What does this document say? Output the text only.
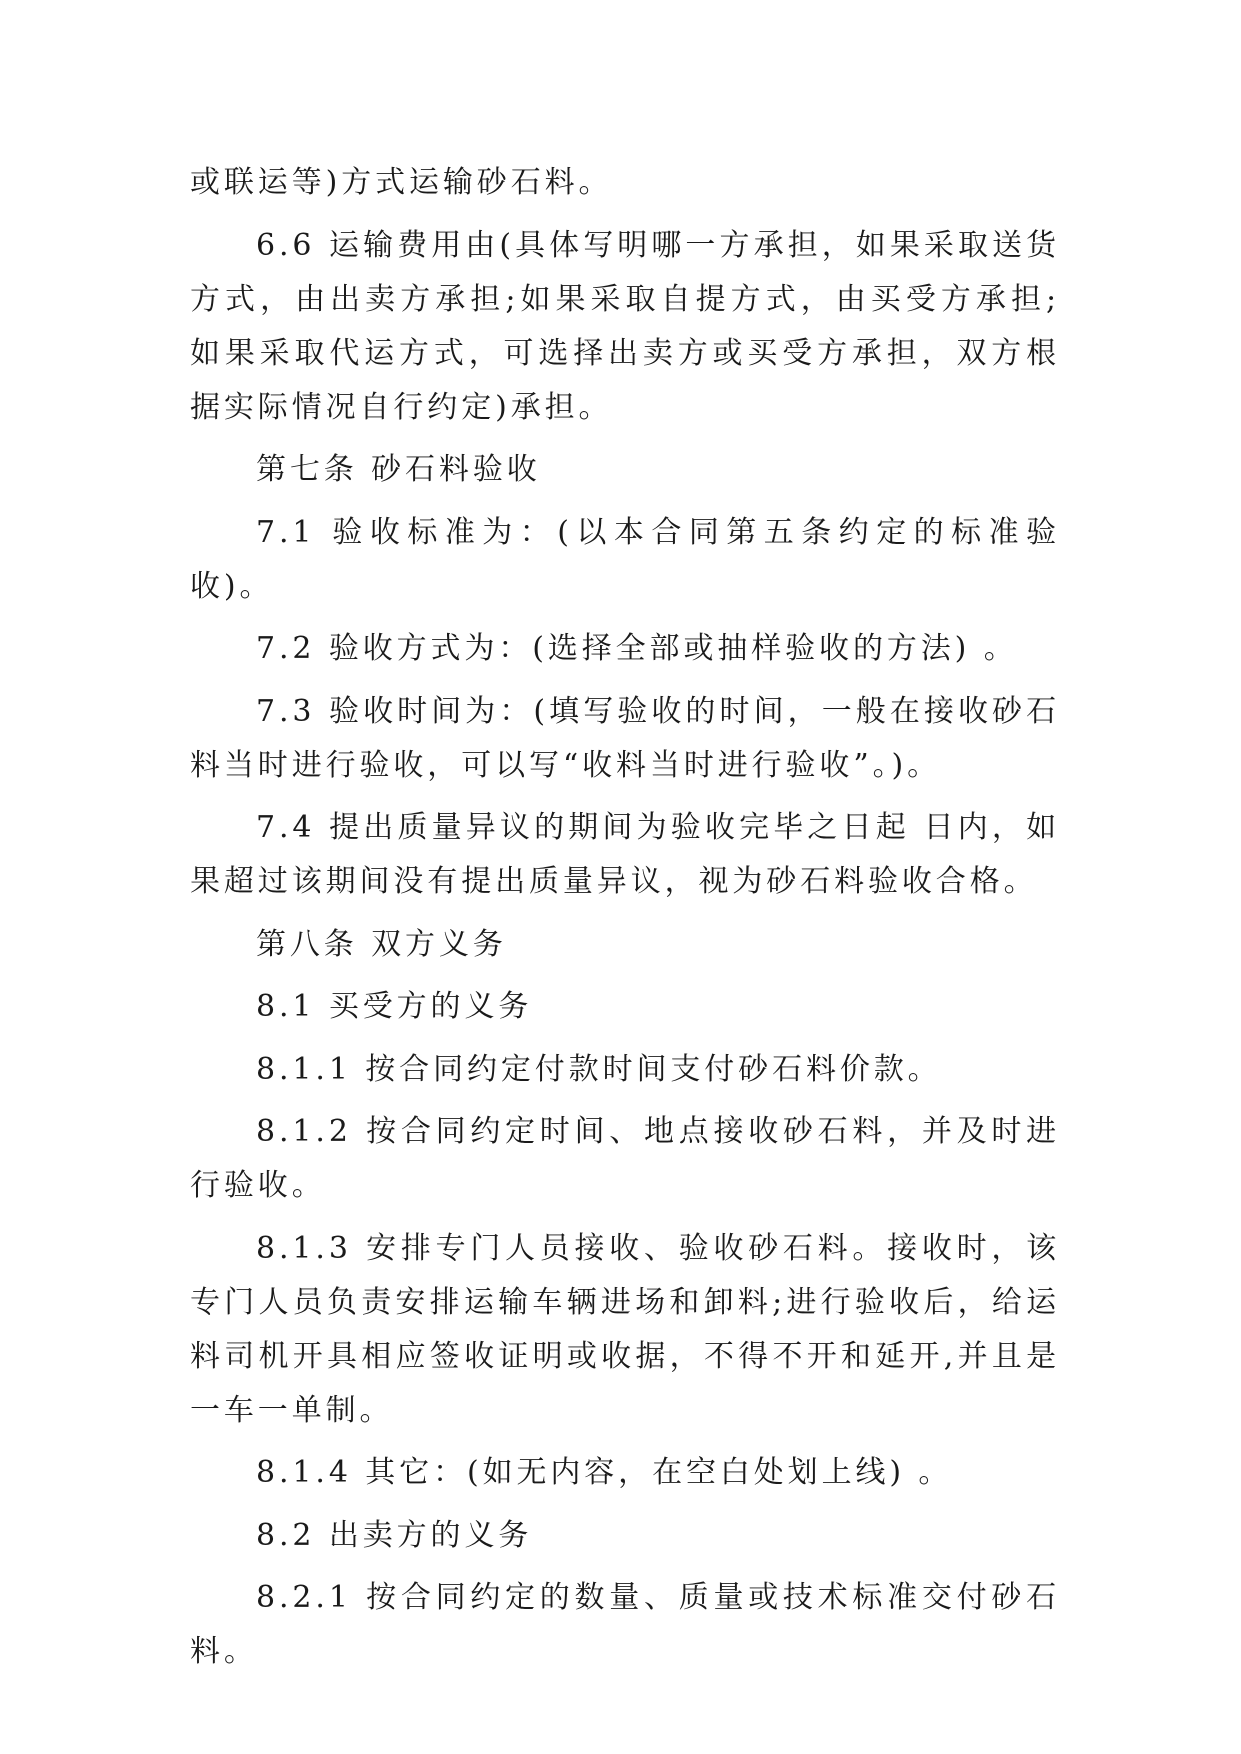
或联运等)方式运输砂石料。

6.6 运输费用由(具体写明哪一方承担，如果采取送货方式，由出卖方承担;如果采取自提方式，由买受方承担;如果采取代运方式，可选择出卖方或买受方承担，双方根据实际情况自行约定)承担。

第七条 砂石料验收

7.1 验收标准为：(以本合同第五条约定的标准验收)。

7.2 验收方式为：(选择全部或抽样验收的方法) 。

7.3 验收时间为：(填写验收的时间，一般在接收砂石料当时进行验收，可以写“收料当时进行验收”。)。

7.4 提出质量异议的期间为验收完毕之日起 日内，如果超过该期间没有提出质量异议，视为砂石料验收合格。

第八条 双方义务

8.1 买受方的义务

8.1.1 按合同约定付款时间支付砂石料价款。

8.1.2 按合同约定时间、地点接收砂石料，并及时进行验收。

8.1.3 安排专门人员接收、验收砂石料。接收时，该专门人员负责安排运输车辆进场和卸料;进行验收后，给运料司机开具相应签收证明或收据，不得不开和延开,并且是一车一单制。

8.1.4 其它：(如无内容，在空白处划上线) 。

8.2 出卖方的义务

8.2.1 按合同约定的数量、质量或技术标准交付砂石料。
